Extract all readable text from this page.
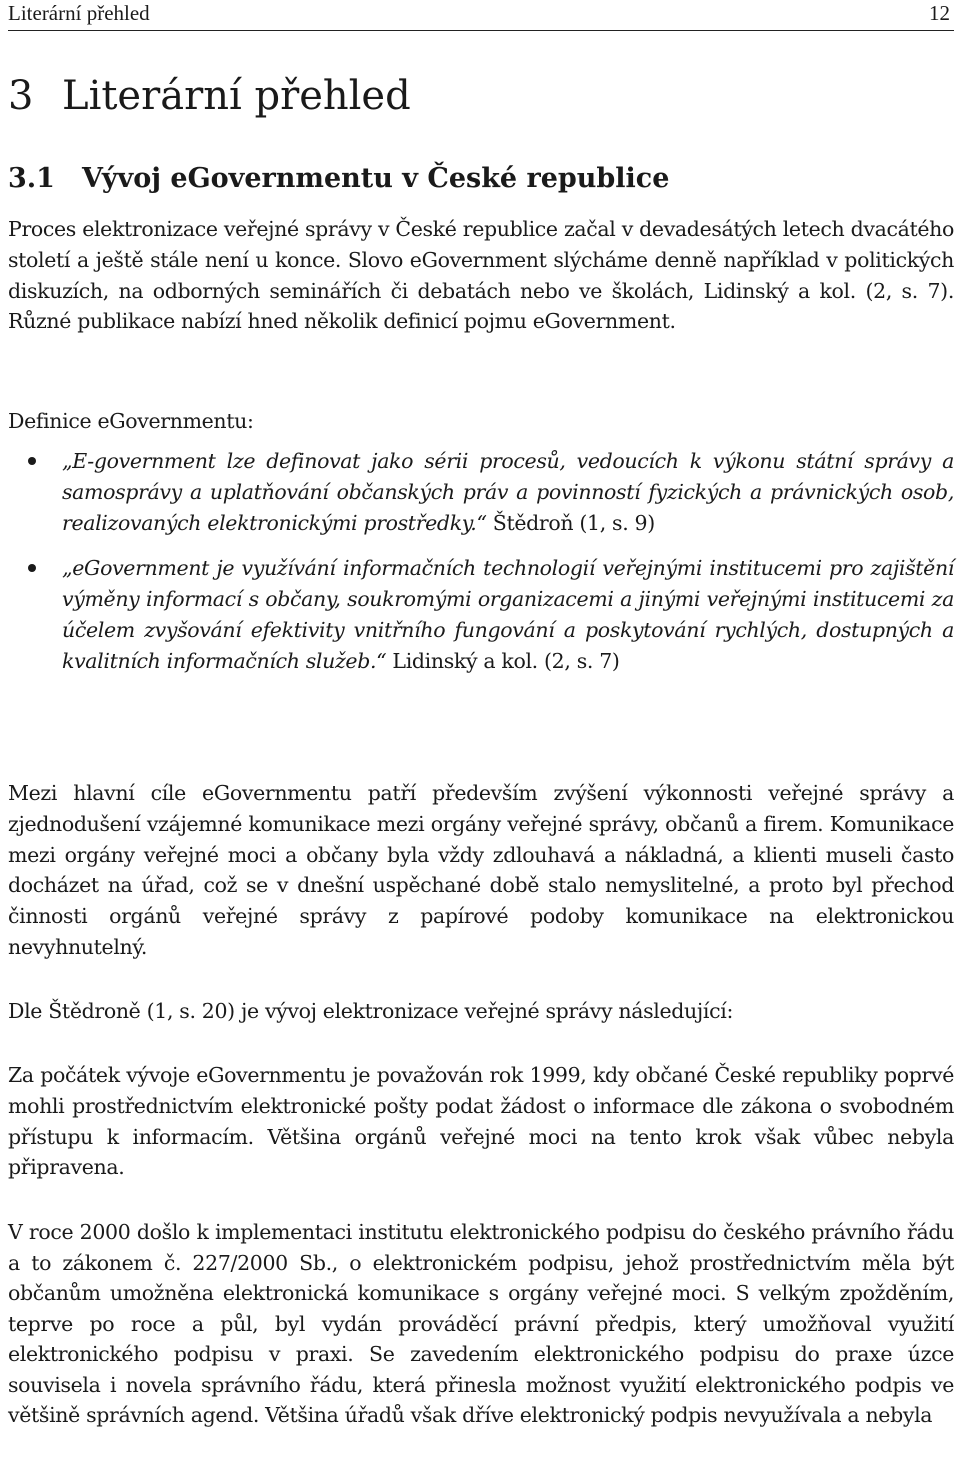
Literární přehled	12
3 Literární přehled
3.1 Vývoj eGovernmentu v České republice

Proces elektronizace veřejné správy v České republice začal v devadesátých letech dvacátého století a ještě stále není u konce. Slovo eGovernment slýcháme denně například v politických diskuzích, na odborných seminářích či debatách nebo ve školách, Lidinský a kol. (2, s. 7). Různé publikace nabízí hned několik definicí pojmu eGovernment.

Definice eGovernmentu:

„E-government lze definovat jako sérii procesů, vedoucích k výkonu státní správy a samosprávy a uplatňování občanských práv a povinností fyzických a právnických osob, realizovaných elektronickými prostředky.“ Štědroň (1, s. 9)
„eGovernment je využívání informačních technologií veřejnými institucemi pro zajištění výměny informací s občany, soukromými organizacemi a jinými veřejnými institucemi za účelem zvyšování efektivity vnitřního fungování a poskytování rychlých, dostupných a kvalitních informačních služeb.“ Lidinský a kol. (2, s. 7)

Mezi hlavní cíle eGovernmentu patří především zvýšení výkonnosti veřejné správy a zjednodušení vzájemné komunikace mezi orgány veřejné správy, občanů a firem. Komunikace mezi orgány veřejné moci a občany byla vždy zdlouhavá a nákladná, a klienti museli často docházet na úřad, což se v dnešní uspěchané době stalo nemyslitelné, a proto byl přechod činnosti orgánů veřejné správy z papírové podoby komunikace na elektronickou nevyhnutelný.

Dle Štědroně (1, s. 20) je vývoj elektronizace veřejné správy následující:

Za počátek vývoje eGovernmentu je považován rok 1999, kdy občané České republiky poprvé mohli prostřednictvím elektronické pošty podat žádost o informace dle zákona o svobodném přístupu k informacím. Většina orgánů veřejné moci na tento krok však vůbec nebyla připravena.

V roce 2000 došlo k implementaci institutu elektronického podpisu do českého právního řádu a to zákonem č. 227/2000 Sb., o elektronickém podpisu, jehož prostřednictvím měla být občanům umožněna elektronická komunikace s orgány veřejné moci. S velkým zpožděním, teprve po roce a půl, byl vydán prováděcí právní předpis, který umožňoval využití elektronického podpisu v praxi. Se zavedením elektronického podpisu do praxe úzce souvisela i novela správního řádu, která přinesla možnost využití elektronického podpis ve většině správních agend. Většina úřadů však dříve elektronický podpis nevyužívala a nebyla
